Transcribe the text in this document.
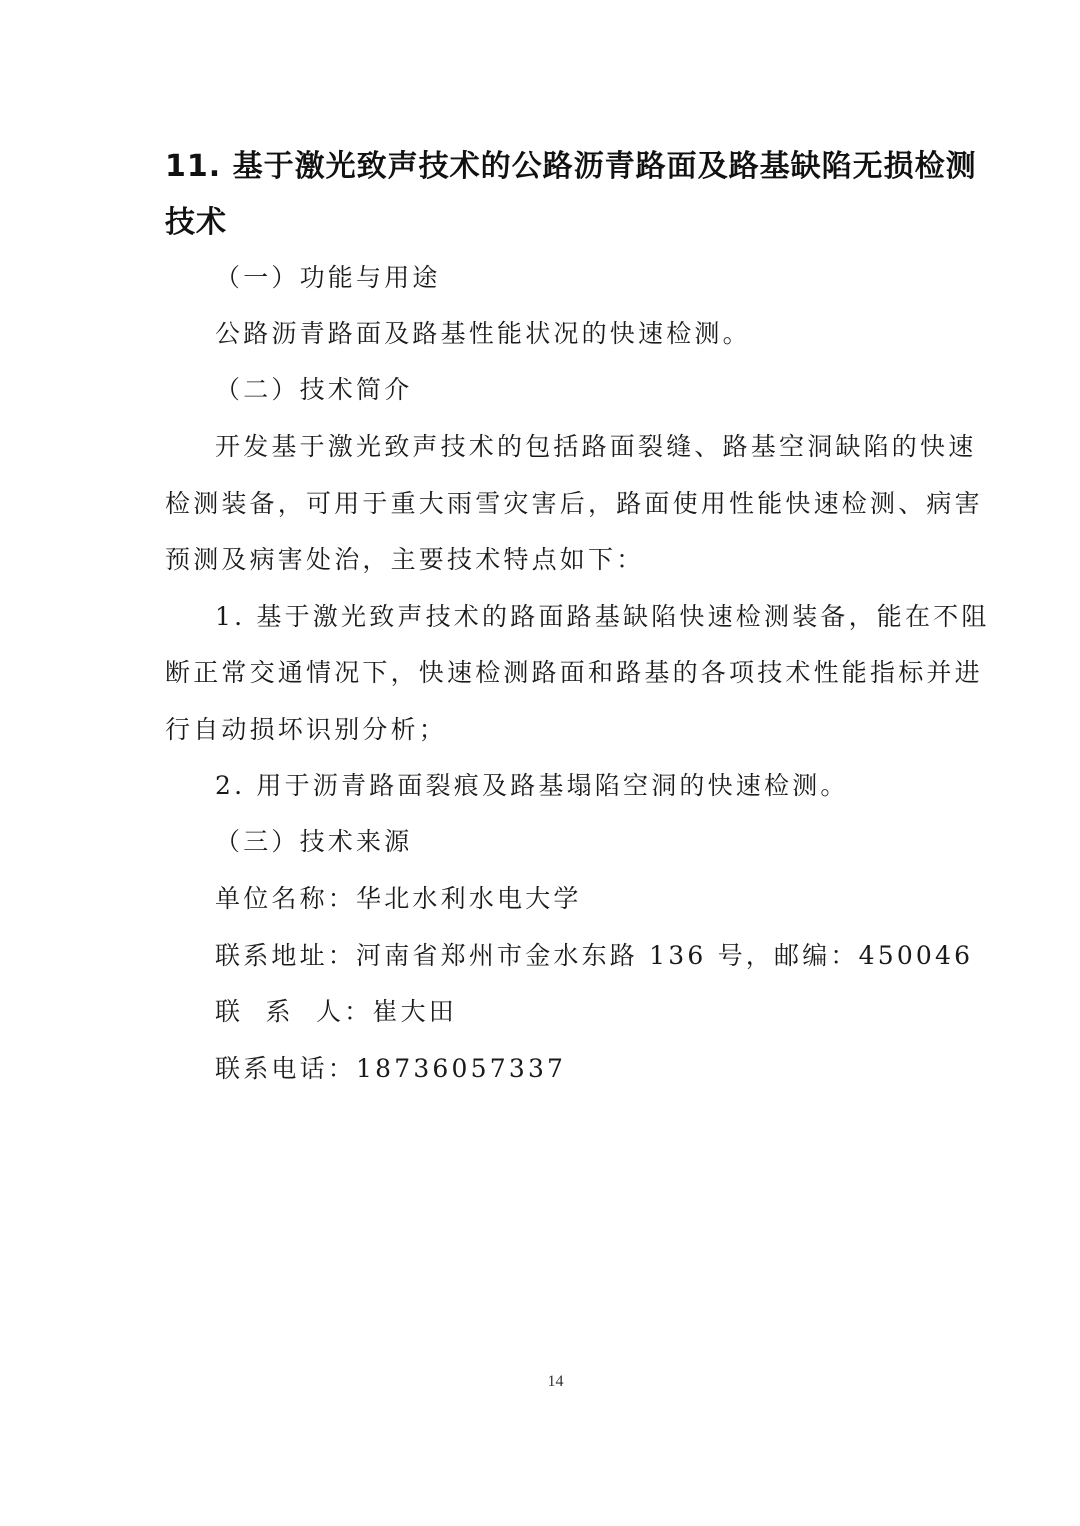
11. 基于激光致声技术的公路沥青路面及路基缺陷无损检测
技术
（一）功能与用途
公路沥青路面及路基性能状况的快速检测。
（二）技术简介
开发基于激光致声技术的包括路面裂缝、路基空洞缺陷的快速
检测装备，可用于重大雨雪灾害后，路面使用性能快速检测、病害
预测及病害处治，主要技术特点如下：
1. 基于激光致声技术的路面路基缺陷快速检测装备，能在不阻
断正常交通情况下，快速检测路面和路基的各项技术性能指标并进
行自动损坏识别分析；
2. 用于沥青路面裂痕及路基塌陷空洞的快速检测。
（三）技术来源
单位名称：华北水利水电大学
联系地址：河南省郑州市金水东路 136 号，邮编：450046
联  系  人：崔大田
联系电话：18736057337
14
